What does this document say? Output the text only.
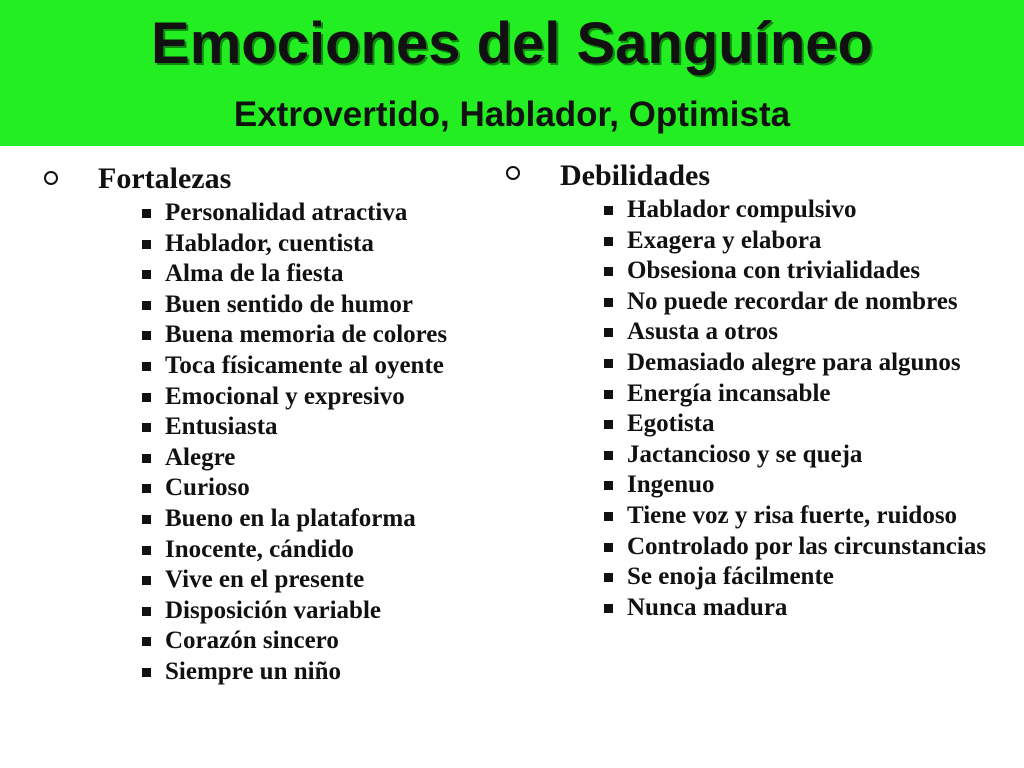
Emociones del Sanguíneo
Extrovertido, Hablador, Optimista
Fortalezas
Personalidad atractiva
Hablador, cuentista
Alma de la fiesta
Buen sentido de humor
Buena memoria de colores
Toca físicamente al oyente
Emocional y expresivo
Entusiasta
Alegre
Curioso
Bueno en la plataforma
Inocente, cándido
Vive en el presente
Disposición variable
Corazón sincero
Siempre un niño
Debilidades
Hablador compulsivo
Exagera y elabora
Obsesiona con trivialidades
No puede recordar de nombres
Asusta a otros
Demasiado alegre para algunos
Energía incansable
Egotista
Jactancioso y se queja
Ingenuo
Tiene voz y risa fuerte, ruidoso
Controlado por las circunstancias
Se enoja fácilmente
Nunca madura
